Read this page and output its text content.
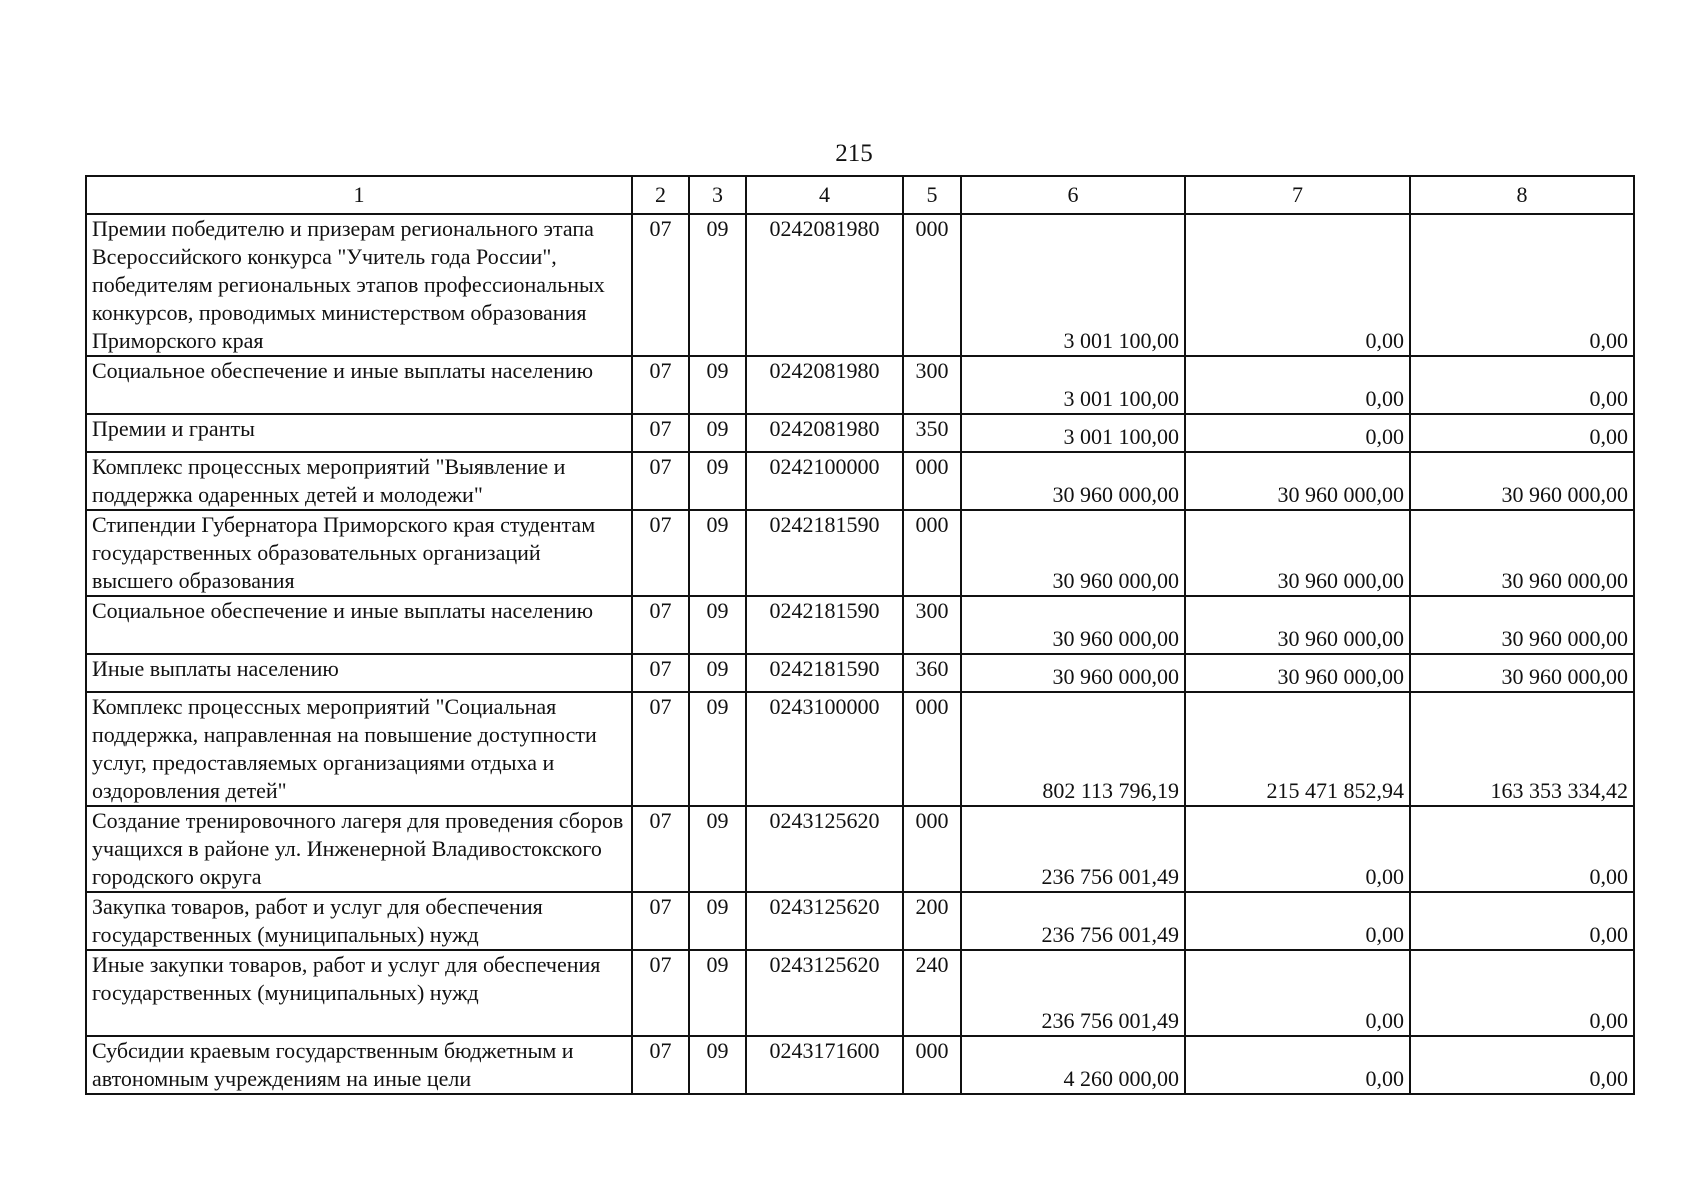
215
1	2	3	4	5	6	7	8
Премии победителю и призерам регионального этапа Всероссийского конкурса "Учитель года России", победителям региональных этапов профессиональных конкурсов, проводимых министерством образования Приморского края	07	09	0242081980	000	3 001 100,00	0,00	0,00
Социальное обеспечение и иные выплаты населению	07	09	0242081980	300	3 001 100,00	0,00	0,00
Премии и гранты	07	09	0242081980	350	3 001 100,00	0,00	0,00
Комплекс процессных мероприятий "Выявление и поддержка одаренных детей и молодежи"	07	09	0242100000	000	30 960 000,00	30 960 000,00	30 960 000,00
Стипендии Губернатора Приморского края студентам государственных образовательных организаций высшего образования	07	09	0242181590	000	30 960 000,00	30 960 000,00	30 960 000,00
Социальное обеспечение и иные выплаты населению	07	09	0242181590	300	30 960 000,00	30 960 000,00	30 960 000,00
Иные выплаты населению	07	09	0242181590	360	30 960 000,00	30 960 000,00	30 960 000,00
Комплекс процессных мероприятий "Социальная поддержка, направленная на повышение доступности услуг, предоставляемых организациями отдыха и оздоровления детей"	07	09	0243100000	000	802 113 796,19	215 471 852,94	163 353 334,42
Создание тренировочного лагеря для проведения сборов учащихся в районе ул. Инженерной Владивостокского городского округа	07	09	0243125620	000	236 756 001,49	0,00	0,00
Закупка товаров, работ и услуг для обеспечения государственных (муниципальных) нужд	07	09	0243125620	200	236 756 001,49	0,00	0,00
Иные закупки товаров, работ и услуг для обеспечения государственных (муниципальных) нужд	07	09	0243125620	240	236 756 001,49	0,00	0,00
Субсидии краевым государственным бюджетным и автономным учреждениям на иные цели	07	09	0243171600	000	4 260 000,00	0,00	0,00
